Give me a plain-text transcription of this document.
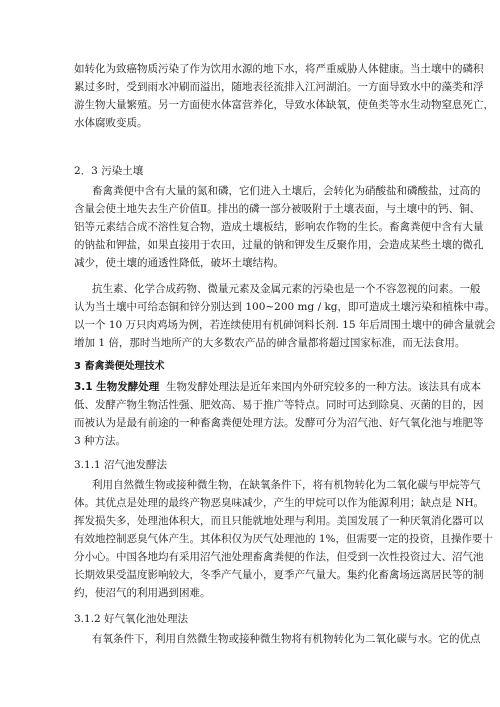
如转化为致癌物质污染了作为饮用水源的地下水，将严重威胁人体健康。当土壤中的磷积
累过多时，受到雨水冲刷而溢出，随地表径流排入江河湖泊。一方面导致水中的藻类和浮
游生物大量繁殖。另一方面使水体富营养化，导致水体缺氧，使鱼类等水生动物窒息死亡，
水体腐败变质。
2．3 污染土壤
畜禽粪便中含有大量的氮和磷，它们进入土壤后，会转化为硝酸盐和磷酸盐，过高的
含量会使土地失去生产价值Ⅱ。排出的磷一部分被吸附于土壤表面，与土壤中的钙、铜、
铝等元素结合成不溶性复合物，造成土壤板结，影响农作物的生长。畜禽粪便中含有大量
的钠盐和钾盐，如果直接用于农田，过量的钠和钾发生反聚作用，会造成某些土壤的微孔
减少，使土壤的通透性降低，破坏土壤结构。
抗生素、化学合成药物、微量元素及金属元素的污染也是一个不容忽视的问素。一般
认为当土壤中可给态铜和锌分别达到 100~200 mg / kg，即可造成土壤污染和植株中毒。
以一个 10 万只肉鸡场为例，若连续使用有机砷饲料长剂. 15 年后周围土壤中的砷含量就会
增加 1 倍，那时当地所产的大多数农产品的砷含量都将超过国家标准，而无法食用。
3 畜禽粪便处理技术
3.1 生物发酵处理 生物发酵处理法是近年来国内外研究较多的一种方法。该法具有成本
低、发酵产物生物活性强、肥效高、易于推广等特点。同时可达到除臭、灭菌的目的，因
而被认为是最有前途的一种畜禽粪便处理方法。发酵可分为沼气池、好气氧化池与堆肥等
3 种方法。
3.1.1 沼气池发酵法
利用自然微生物或接种微生物，在缺氧条件下，将有机物转化为二氧化碳与甲烷等气
体。其优点是处理的最终产物恶臭味减少，产生的甲烷可以作为能源利用；缺点是 NH。
挥发损失多，处理池体积大，而且只能就地处理与利用。美国发展了一种厌氧消化器可以
有效地控制恶臭气体产生。其体积仅为厌气处理池的 1%，但需要一定的投资，且操作要十
分小心。中国各地均有采用沼气池处理畜禽粪便的作法，但受到一次性投资过大、沼气池
长期效果受温度影响较大，冬季产气量小，夏季产气量大。集约化畜禽场远离居民等的制
约，使沼气的利用遇到困难。
3.1.2 好气氧化池处理法
有氧条件下，利用自然微生物或接种微生物将有机物转化为二氧化碳与水。它的优点
